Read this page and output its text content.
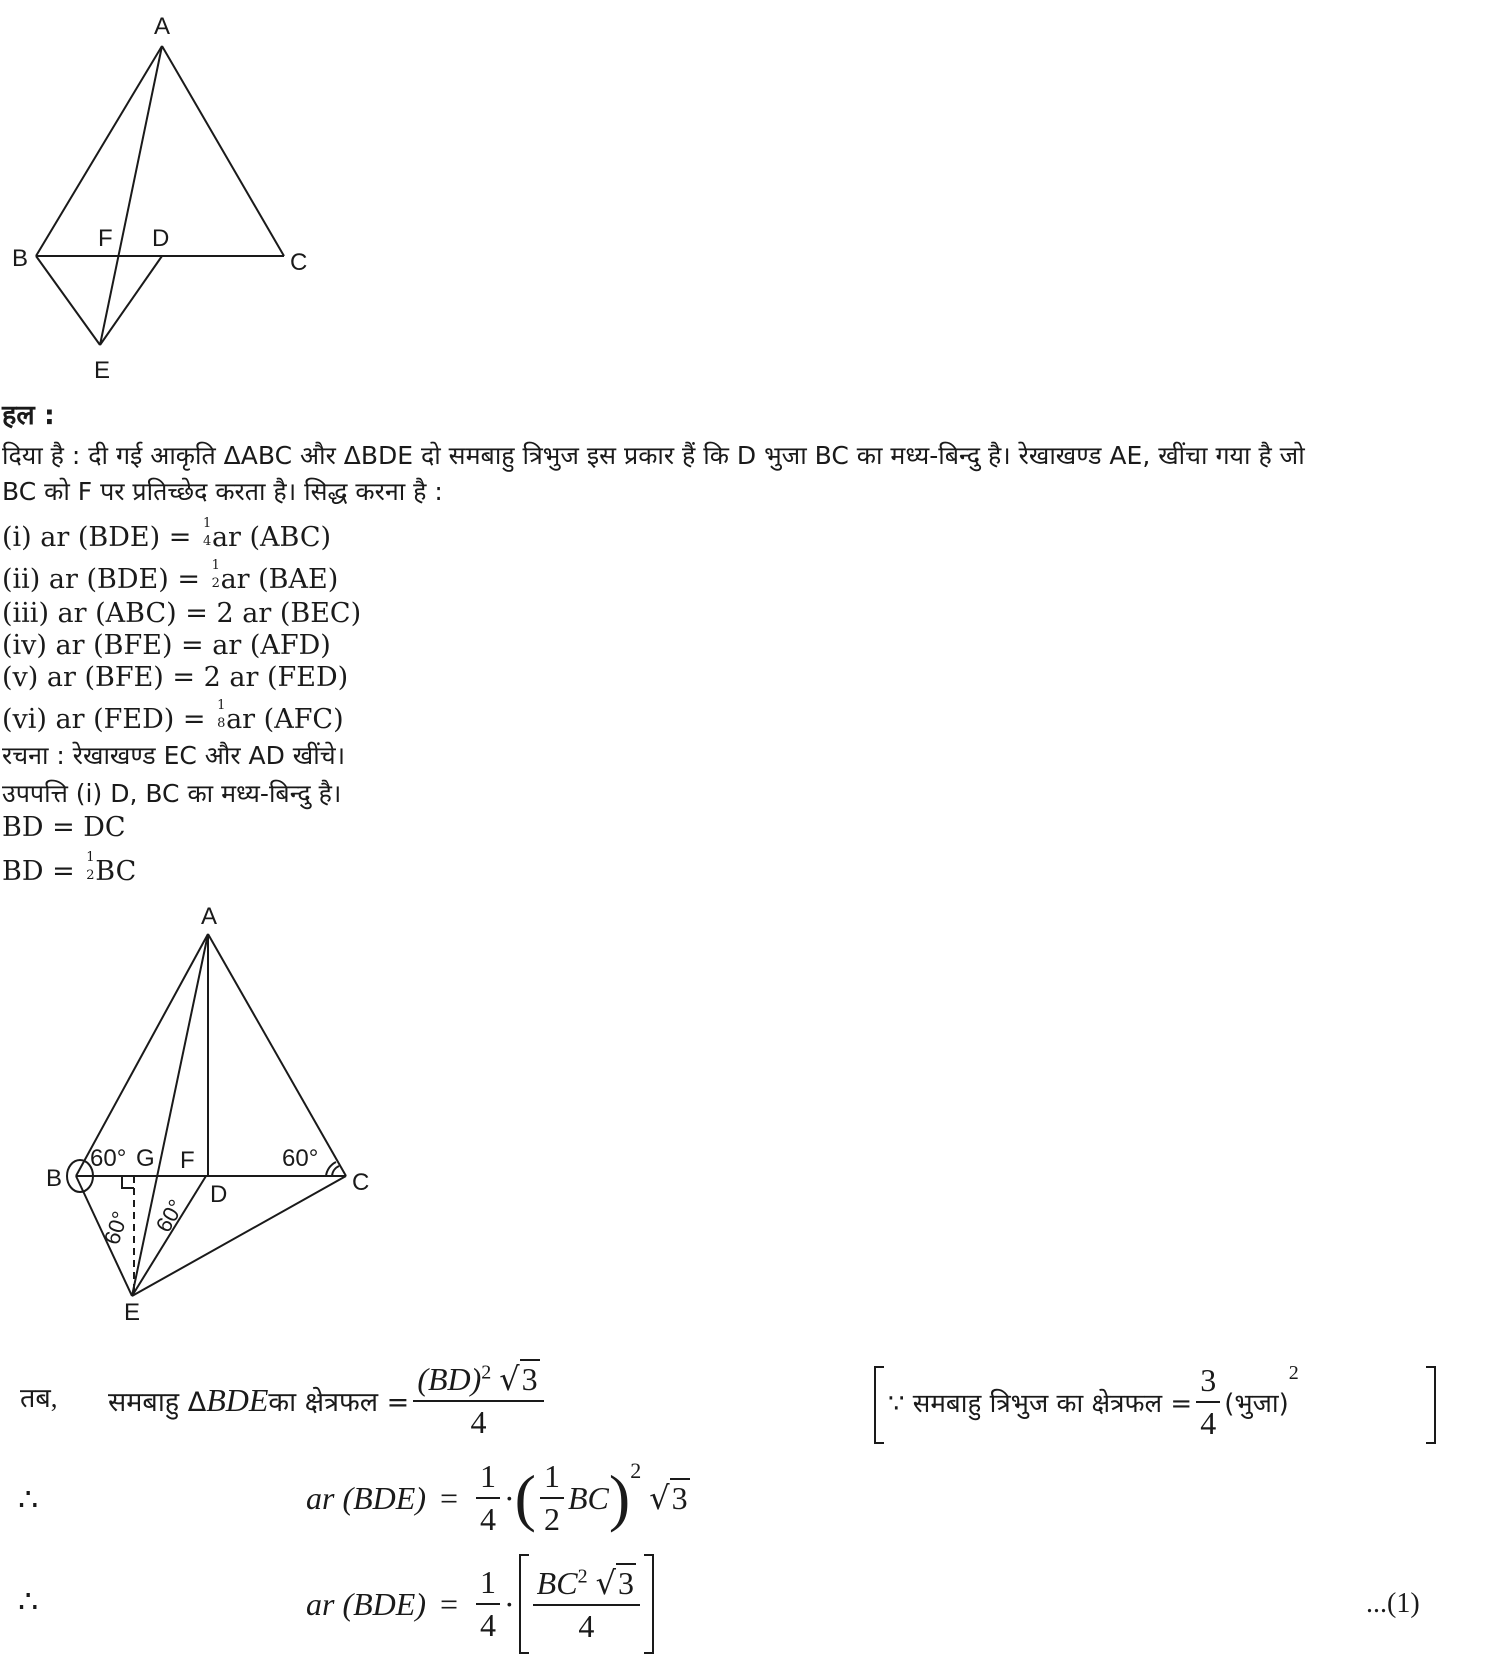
A
B	C
D
F
E
हल :
दिया है : दी गई आकृति ΔABC और ΔBDE दो समबाहु त्रिभुज इस प्रकार हैं कि D भुजा BC का मध्य-बिन्दु है। रेखाखण्ड AE, खींचा गया है जो
BC को F पर प्रतिच्छेद करता है। सिद्ध करना है :
(i) ar (BDE) = 1
4 ar (ABC)
(ii) ar (BDE) = 1
2 ar (BAE)
(iii) ar (ABC) = 2 ar (BEC)
(iv) ar (BFE) = ar (AFD)
(v) ar (BFE) = 2 ar (FED)
(vi) ar (FED) = 1
8 ar (AFC)
रचना : रेखाखण्ड EC और AD खींचे।
उपपत्ति (i) D, BC का मध्य-बिन्दु है।
BD = DC
BD = 1
2 BC
A
B	C
D
F
G
E
60°	60°
60° 60°
तब, समबाहु Δ BDE का क्षेत्रफल = $\frac{(BD)^2 √3}{4}$	∵ समबाहु त्रिभुज का क्षेत्रफल = $\frac{3}{4}$ (भुजा)
$^2$
∴	ar $(BDE) = \frac{1}{4}$ · ( $\frac{1}{2}$ BC )$^2$
√3
∴	ar $(BDE) = \frac{1}{4} \cdot \frac{BC^2 √3}{4}$	...(1)
